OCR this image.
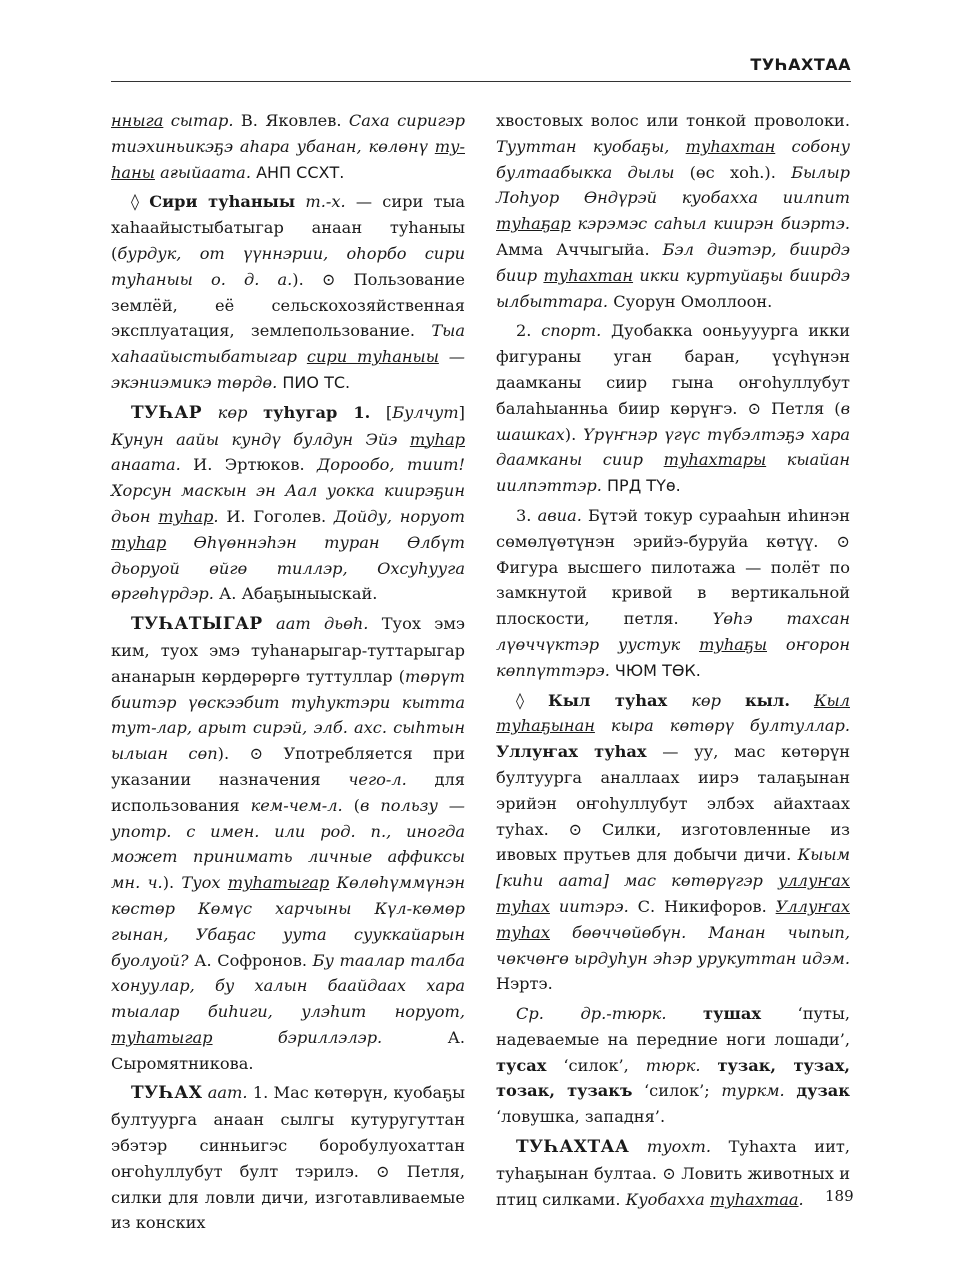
ТУҺАХТАА

нныга сытар. В. Яковлев. Саха сиригэр тиэхиньикэҕэ аһара убанан, көлөнү ту-һаны ағыйаата. АНП ССХТ.

◊ Сири туһаныы т.-х. — сири тыа хаһаайыстыбатыгар анаан туһаныы (бурдук, от үүннэрии, оһорбо сири туһаныы о. д. а.). ⊙ Пользование землёй, её сельскохозяйственная эксплуатация, землепользование. Тыа хаһаайыстыбатыгар сири туһаныы — экэниэмикэ төрдө. ПИО ТС.

ТУҺАР көр туһугар 1. [Булчут] Кунун аайы кундү булдун Эйэ туһар анаата. И. Эртюков. Дорообо, тиит! Хорсун маскын эн Аал уокка киирэҕин дьон туһар. И. Гоголев. Дойду, норуот туһар Өһүөннэһэн туран Өлбүт дьоруой өйгө тиллэр, Охсуһууга өргөһүрдэр. А. Абаҕыныыскай.

ТУҺАТЫГАР аат дьөһ. Туох эмэ ким, туох эмэ туһанарыгар-туттарыгар ананарын көрдөрөргө туттуллар (төрүт биитэр үөскээбит туһуктэри кытта тут-лар, арыт сирэй, элб. ахс. сыһтын ылыан сөп). ⊙ Употребляется при указании назначения чего-л. для использования кем-чем-л. (в пользу — употр. с имен. или род. п., иногда может принимать личные аффиксы мн. ч.). Туох туһатыгар Көлөһүммүнэн көстөр Көмүс харчыны Күл-көмөр гынан, Убаҕас уута сууккайарын буолуой? А. Софронов. Бу таалар талба хонуулар, бу халын баайдаах хара тыалар биһиги, улэһит норуот, туһатыгар бэриллэлэр. А. Сыромятникова.

ТУҺАХ аат. 1. Мас көтөрүн, куобаҕы бултуурга анаан сылгы кутуругуттан эбэтэр синньигэс боробулуохаттан оҥоһуллубут булт тэрилэ. ⊙ Петля, силки для ловли дичи, изготавливаемые из конских

хвостовых волос или тонкой проволоки. Тууттан куобаҕы, туһахтан собону бултаабыкка дылы (өс хоһ.). Былыр Лоһуор Өндүрэй куобахха иилпит туһаҕар кэрэмэс саһыл киирэн биэртэ. Амма Аччыгыйа. Бэл диэтэр, биирдэ биир туһахтан икки куртуйаҕы биирдэ ылбыттара. Суорун Омоллоон.

2. спорт. Дуобакка ооньууурга икки фигураны уган баран, үсүһүнэн даамканы сиир гына оҥоһуллубут балаһыанньа биир көрүҥэ. ⊙ Петля (в шашках). Үрүҥнэр үгүс түбэлтэҕэ хара даамканы сиир туһахтары кыайан иилпэттэр. ПРД ТҮө.

3. авиа. Бүтэй токур сурааһын иһинэн сөмөлүөтүнэн эрийэ-буруйа көтүү. ⊙ Фигура высшего пилотажа — полёт по замкнутой кривой в вертикальной плоскости, петля. Үөһэ тахсан лүөччүктэр уустук туһаҕы оҥорон көппүттэрэ. ЧЮМ ТӨК.

◊ Кыл туһах көр кыл. Кыл туһаҕынан кыра көтөрү бултуллар. Уллуҥах туһах — уу, мас көтөрүн бултуурга аналлаах иирэ талаҕынан эрийэн оҥоһуллубут элбэх айахтаах туһах. ⊙ Силки, изготовленные из ивовых прутьев для добычи дичи. Кыым [киһи аата] мас көтөрүгэр уллуҥах туһах иитэрэ. С. Никифоров. Уллуҥах туһах бөөччөйөбүн. Манан чыпып, чөкчөҥө ырдуһун эһэр урукуттан идэм. Нэртэ.

Ср. др.-тюрк. тушах ‘путы, надеваемые на передние ноги лошади’, тусах ‘силок’, тюрк. тузак, тузах, тозак, тузакъ ‘силок’; туркм. дузак ‘ловушка, западня’.

ТУҺАХТАА туохт. Туһахта иит, туһаҕынан бултаа. ⊙ Ловить животных и птиц силками. Куобахха туһахтаа.	189
